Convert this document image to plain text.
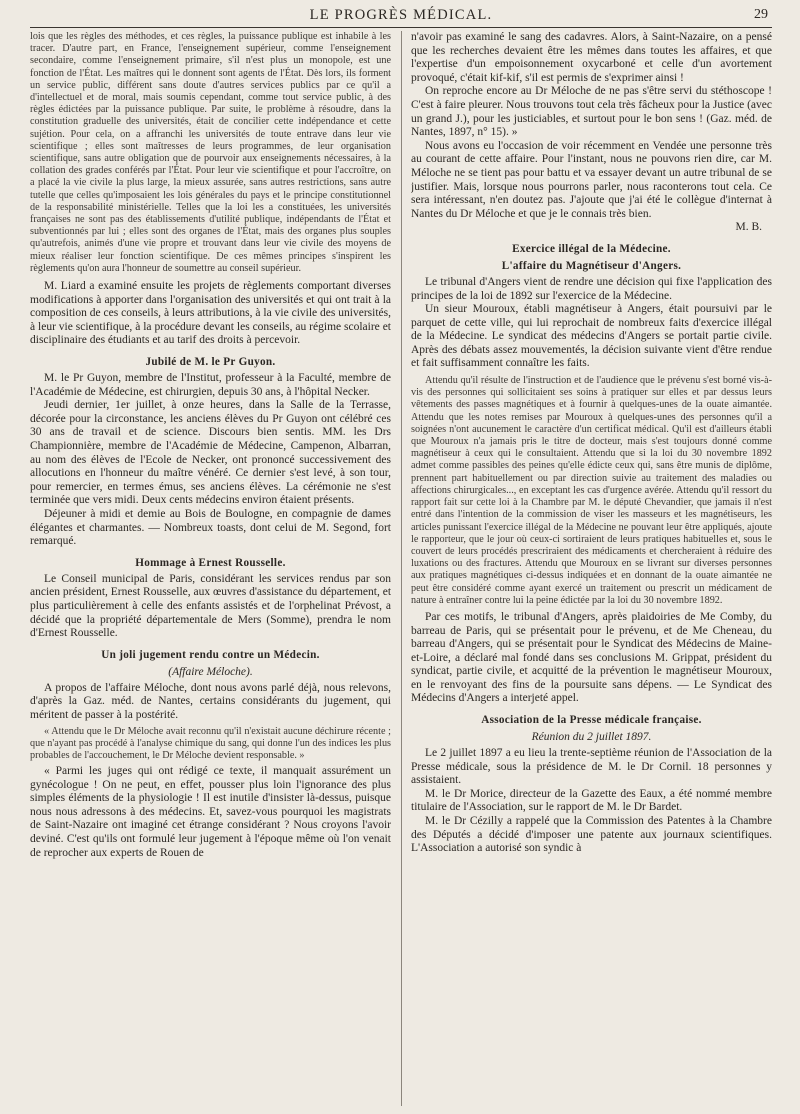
LE PROGRÈS MÉDICAL.	29

lois que les règles des méthodes, et ces règles, la puissance publique est inhabile à les tracer. D'autre part, en France, l'enseignement supérieur, comme l'enseignement secondaire, comme l'enseignement primaire, s'il n'est plus un monopole, est une fonction de l'État. Les maîtres qui le donnent sont agents de l'État. Dès lors, ils forment un service public, différent sans doute d'autres services publics par ce qu'il a d'intellectuel et de moral, mais soumis cependant, comme tout service public, à des règles édictées par la puissance publique. Par suite, le problème à résoudre, dans la constitution graduelle des universités, était de concilier cette indépendance et cette sujétion. Pour cela, on a affranchi les universités de toute entrave dans leur vie scientifique ; elles sont maîtresses de leurs programmes, de leur organisation scientifique, sans autre obligation que de pourvoir aux enseignements nécessaires, à la collation des grades conférés par l'État. Pour leur vie scientifique et pour l'accroître, on a placé la vie civile la plus large, la mieux assurée, sans autres restrictions, sans autre tutelle que celles qu'imposaient les lois générales du pays et le principe constitutionnel de la responsabilité ministérielle. Telles que la loi les a constituées, les universités françaises ne sont pas des établissements d'utilité publique, indépendants de l'État et subventionnés par lui ; elles sont des organes de l'État, mais des organes plus souples qu'autrefois, animés d'une vie propre et trouvant dans leur vie civile des moyens de mieux réaliser leur fonction scientifique. De ces mêmes principes s'inspirent les règlements qu'on aura l'honneur de soumettre au conseil supérieur.

M. Liard a examiné ensuite les projets de règlements comportant diverses modifications à apporter dans l'organisation des universités et qui ont trait à la composition de ces conseils, à leurs attributions, à la vie civile des universités, à leur vie scientifique, à la procédure devant les conseils, au régime scolaire et disciplinaire des étudiants et au tarif des droits à percevoir.

Jubilé de M. le Pr Guyon.

M. le Pr Guyon, membre de l'Institut, professeur à la Faculté, membre de l'Académie de Médecine, est chirurgien, depuis 30 ans, à l'hôpital Necker.

Jeudi dernier, 1er juillet, à onze heures, dans la Salle de la Terrasse, décorée pour la circonstance, les anciens élèves du Pr Guyon ont célébré ces 30 ans de travail et de science. Discours bien sentis. MM. les Drs Championnière, membre de l'Académie de Médecine, Campenon, Albarran, au nom des élèves de l'Ecole de Necker, ont prononcé successivement des allocutions en l'honneur du maître vénéré. Ce dernier s'est levé, à son tour, pour remercier, en termes émus, ses anciens élèves. La cérémonie ne s'est terminée que vers midi. Deux cents médecins environ étaient présents.

Déjeuner à midi et demie au Bois de Boulogne, en compagnie de dames élégantes et charmantes. — Nombreux toasts, dont celui de M. Segond, fort remarqué.

Hommage à Ernest Rousselle.

Le Conseil municipal de Paris, considérant les services rendus par son ancien président, Ernest Rousselle, aux œuvres d'assistance du département, et plus particulièrement à celle des enfants assistés et de l'orphelinat Prévost, a décidé que la propriété départementale de Mers (Somme), prendra le nom d'Ernest Rousselle.

Un joli jugement rendu contre un Médecin.
(Affaire Méloche).

A propos de l'affaire Méloche, dont nous avons parlé déjà, nous relevons, d'après la Gaz. méd. de Nantes, certains considérants du jugement, qui méritent de passer à la postérité.

« Attendu que le Dr Méloche avait reconnu qu'il n'existait aucune déchirure récente ; que n'ayant pas procédé à l'analyse chimique du sang, qui donne l'un des indices les plus probables de l'accouchement, le Dr Méloche devient responsable. »

« Parmi les juges qui ont rédigé ce texte, il manquait assurément un gynécologue ! On ne peut, en effet, pousser plus loin l'ignorance des plus simples éléments de la physiologie ! Il est inutile d'insister là-dessus, puisque nous nous adressons à des médecins. Et, savez-vous pourquoi les magistrats de Saint-Nazaire ont imaginé cet étrange considérant ? Nous croyons l'avoir deviné. C'est qu'ils ont formulé leur jugement à l'époque même où l'on venait de reprocher aux experts de Rouen de

n'avoir pas examiné le sang des cadavres. Alors, à Saint-Nazaire, on a pensé que les recherches devaient être les mêmes dans toutes les affaires, et que l'expertise d'un empoisonnement oxycarboné et celle d'un avortement provoqué, c'était kif-kif, s'il est permis de s'exprimer ainsi !

On reproche encore au Dr Méloche de ne pas s'être servi du stéthoscope ! C'est à faire pleurer. Nous trouvons tout cela très fâcheux pour la Justice (avec un grand J.), pour les justiciables, et surtout pour le bon sens ! (Gaz. méd. de Nantes, 1897, n° 15). »

Nous avons eu l'occasion de voir récemment en Vendée une personne très au courant de cette affaire. Pour l'instant, nous ne pouvons rien dire, car M. Méloche ne se tient pas pour battu et va essayer devant un autre tribunal de se justifier. Mais, lorsque nous pourrons parler, nous raconterons tout cela. Ce sera intéressant, n'en doutez pas. J'ajoute que j'ai été le collègue d'internat à Nantes du Dr Méloche et que je le connais très bien.

M. B.
Exercice illégal de la Médecine.
L'affaire du Magnétiseur d'Angers.

Le tribunal d'Angers vient de rendre une décision qui fixe l'application des principes de la loi de 1892 sur l'exercice de la Médecine.

Un sieur Mouroux, établi magnétiseur à Angers, était poursuivi par le parquet de cette ville, qui lui reprochait de nombreux faits d'exercice illégal de la Médecine. Le syndicat des médecins d'Angers se portait partie civile. Après des débats assez mouvementés, la décision suivante vient d'être rendue et fait suffisamment connaître les faits.

Attendu qu'il résulte de l'instruction et de l'audience que le prévenu s'est borné vis-à-vis des personnes qui sollicitaient ses soins à pratiquer sur elles et par dessus leurs vêtements des passes magnétiques et à fournir à quelques-unes de la ouate aimantée. Attendu que les notes remises par Mouroux à quelques-unes des personnes qu'il a soignées n'ont aucunement le caractère d'un certificat médical. Qu'il est d'ailleurs établi que Mouroux n'a jamais pris le titre de docteur, mais s'est toujours donné comme magnétiseur à ceux qui le consultaient. Attendu que si la loi du 30 novembre 1892 admet comme passibles des peines qu'elle édicte ceux qui, sans être munis de diplôme, prennent part habituellement ou par direction suivie au traitement des maladies ou affections chirurgicales..., en exceptant les cas d'urgence avérée. Attendu qu'il ressort du rapport fait sur cette loi à la Chambre par M. le député Chevandier, que jamais il n'est entré dans l'intention de la commission de viser les masseurs et les magnétiseurs, les articles punissant l'exercice illégal de la Médecine ne pouvant leur être appliqués, ajoute le rapporteur, que le jour où ceux-ci sortiraient de leurs pratiques habituelles et, sous le couvert de leurs procédés prescriraient des médicaments et chercheraient à réduire des luxations ou des fractures. Attendu que Mouroux en se livrant sur diverses personnes aux pratiques magnétiques ci-dessus indiquées et en donnant de la ouate aimantée ne peut être considéré comme ayant exercé un traitement ou prescrit un médicament de nature à entraîner contre lui la peine édictée par la loi du 30 novembre 1892.

Par ces motifs, le tribunal d'Angers, après plaidoiries de Me Comby, du barreau de Paris, qui se présentait pour le prévenu, et de Me Cheneau, du barreau d'Angers, qui se présentait pour le Syndicat des Médecins de Maine-et-Loire, a déclaré mal fondé dans ses conclusions M. Grippat, président du syndicat, partie civile, et acquitté de la prévention le magnétiseur Mouroux, en le renvoyant des fins de la poursuite sans dépens. — Le Syndicat des Médecins d'Angers a interjeté appel.

Association de la Presse médicale française.
Réunion du 2 juillet 1897.

Le 2 juillet 1897 a eu lieu la trente-septième réunion de l'Association de la Presse médicale, sous la présidence de M. le Dr Cornil. 18 personnes y assistaient.

M. le Dr Morice, directeur de la Gazette des Eaux, a été nommé membre titulaire de l'Association, sur le rapport de M. le Dr Bardet.

M. le Dr Cézilly a rappelé que la Commission des Patentes à la Chambre des Députés a décidé d'imposer une patente aux journaux scientifiques. L'Association a autorisé son syndic à
